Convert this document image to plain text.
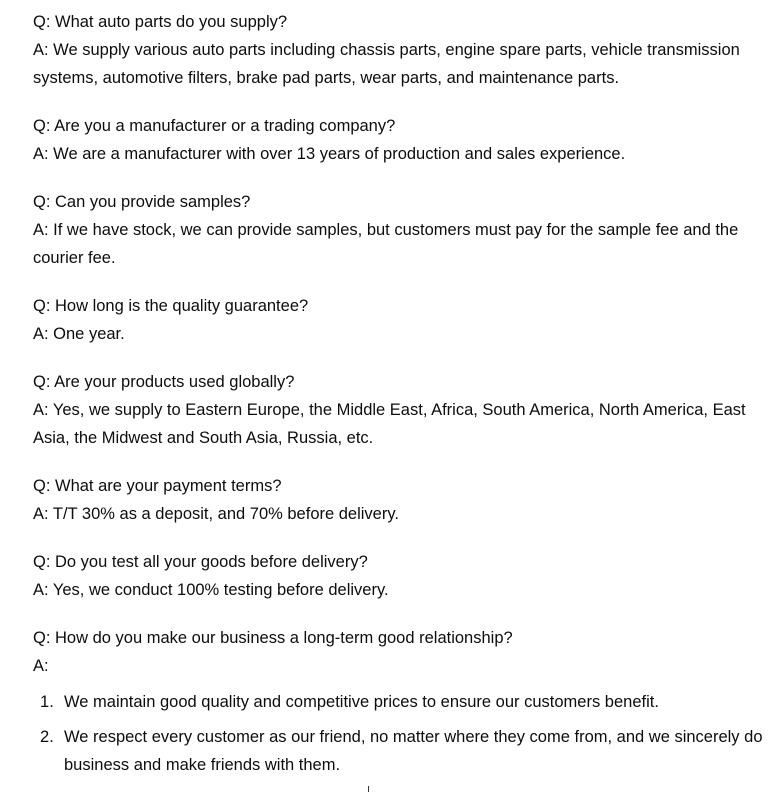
Q: What auto parts do you supply?
A: We supply various auto parts including chassis parts, engine spare parts, vehicle transmission systems, automotive filters, brake pad parts, wear parts, and maintenance parts.
Q: Are you a manufacturer or a trading company?
A: We are a manufacturer with over 13 years of production and sales experience.
Q: Can you provide samples?
A: If we have stock, we can provide samples, but customers must pay for the sample fee and the courier fee.
Q: How long is the quality guarantee?
A: One year.
Q: Are your products used globally?
A: Yes, we supply to Eastern Europe, the Middle East, Africa, South America, North America, East Asia, the Midwest and South Asia, Russia, etc.
Q: What are your payment terms?
A: T/T 30% as a deposit, and 70% before delivery.
Q: Do you test all your goods before delivery?
A: Yes, we conduct 100% testing before delivery.
Q: How do you make our business a long-term good relationship?
A:
We maintain good quality and competitive prices to ensure our customers benefit.
We respect every customer as our friend, no matter where they come from, and we sincerely do business and make friends with them.
